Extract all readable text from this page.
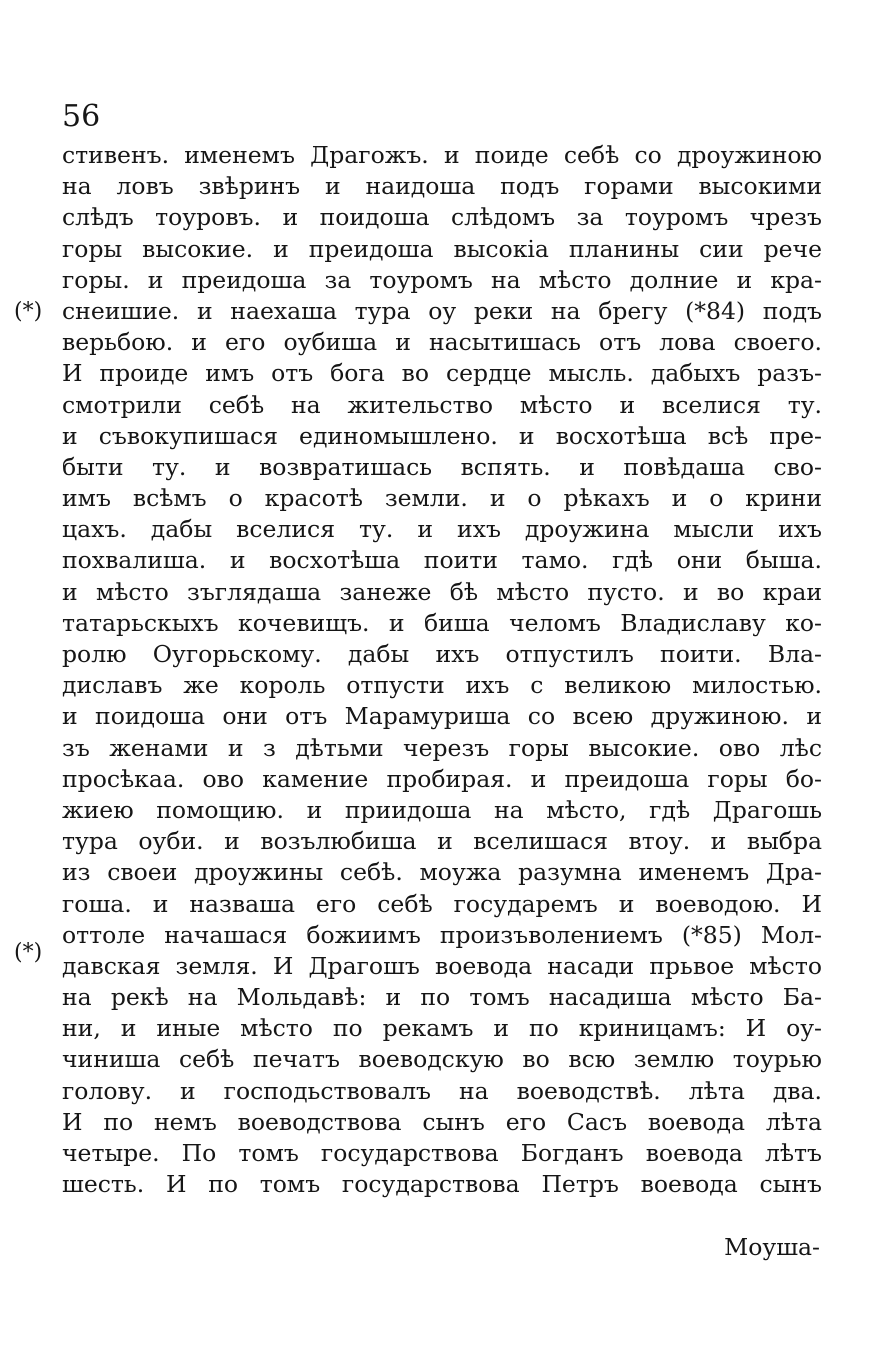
56
(*)
(*)
стивенъ. именемъ Драгожъ. и поиде себѣ со дроужиною
на ловъ звѣринъ и наидоша подъ горами высокими
слѣдъ тоуровъ. и поидоша слѣдомъ за тоуромъ чрезъ
горы высокие. и преидоша высокia планины сии рече
горы. и преидоша за тоуромъ на мѣсто долние и кра-
снеишие. и наехаша тура оу реки на брегу (*84) подъ
верьбою. и его оубиша и насытишась отъ лова своего.
И проиде имъ отъ бога во сердце мысль. дабыхъ разъ-
смотрили себѣ на жительство мѣсто и вселися ту.
и съвокупишася единомышлено. и восхотѣша всѣ пре-
быти ту. и возвратишась вспять. и повѣдаша сво-
имъ всѣмъ о красотѣ земли. и о рѣкахъ и о крини
цахъ. дабы вселися ту. и ихъ дроужина мысли ихъ
похвалиша. и восхотѣша поити тамо. гдѣ они быша.
и мѣсто зъглядаша занеже бѣ мѣсто пусто. и во краи
татарьскыхъ кочевищъ. и биша челомъ Владиславу ко-
ролю Оугорьскому. дабы ихъ отпустилъ поити. Вла-
диславъ же король отпусти ихъ с великою милостью.
и поидоша они отъ Марамуриша со всею дружиною. и
зъ женами и з дѣтьми черезъ горы высокие. ово лѣс
просѣкаа. ово камение пробирая. и преидоша горы бо-
жиею помощию. и приидоша на мѣсто, гдѣ Драгошь
тура оуби. и возълюбиша и вселишася втоу. и выбра
из своеи дроужины себѣ. моужа разумна именемъ Дра-
гоша. и назваша его себѣ государемъ и воеводою. И
оттоле начашася божиимъ произъволениемъ (*85) Мол-
давская земля. И Драгошъ воевода насади прьвое мѣсто
на рекѣ на Мольдавѣ: и по томъ насадиша мѣсто Ба-
ни, и иные мѣсто по рекамъ и по криницамъ: И оу-
чиниша себѣ печатъ воеводскую во всю землю тоурью
голову. и господьствовалъ на воеводствѣ. лѣта два.
И по немъ воеводствова сынъ его Сасъ воевода лѣта
четыре. По томъ государствова Богданъ воевода лѣтъ
шесть. И по томъ государствова Петръ воевода сынъ
Моуша-
